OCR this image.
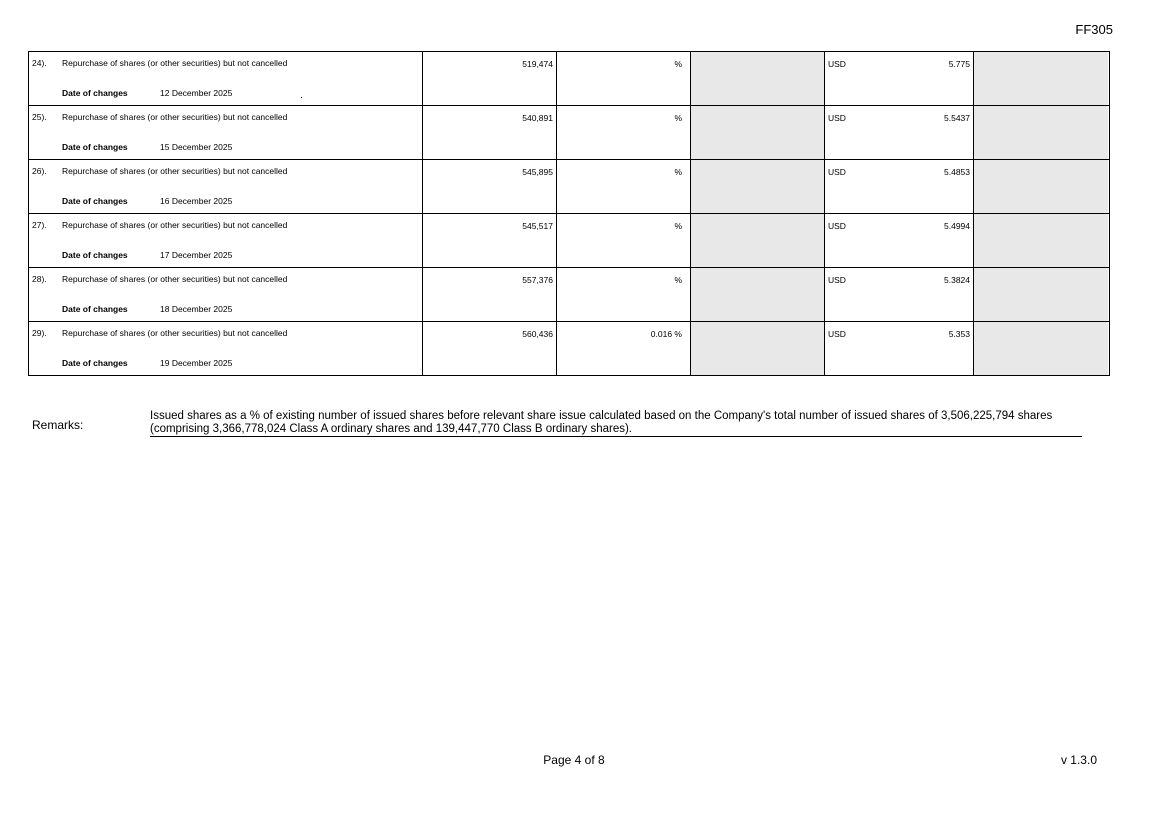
FF305
24). Repurchase of shares (or other securities) but not cancelled
Date of changes	12 December 2025
519,474	%	USD	5.775
25). Repurchase of shares (or other securities) but not cancelled
Date of changes	15 December 2025
540,891	%	USD	5.5437
26). Repurchase of shares (or other securities) but not cancelled
Date of changes	16 December 2025
545,895	%	USD	5.4853
27). Repurchase of shares (or other securities) but not cancelled
Date of changes	17 December 2025
545,517	%	USD	5.4994
28). Repurchase of shares (or other securities) but not cancelled
Date of changes	18 December 2025
557,376	%	USD	5.3824
29). Repurchase of shares (or other securities) but not cancelled
Date of changes	19 December 2025
560,436	0.016 %	USD	5.353
Remarks:
Issued shares as a % of existing number of issued shares before relevant share issue calculated based on the Company's total number of issued shares of 3,506,225,794 shares (comprising 3,366,778,024 Class A ordinary shares and 139,447,770 Class B ordinary shares).
Page 4 of 8	v 1.3.0
